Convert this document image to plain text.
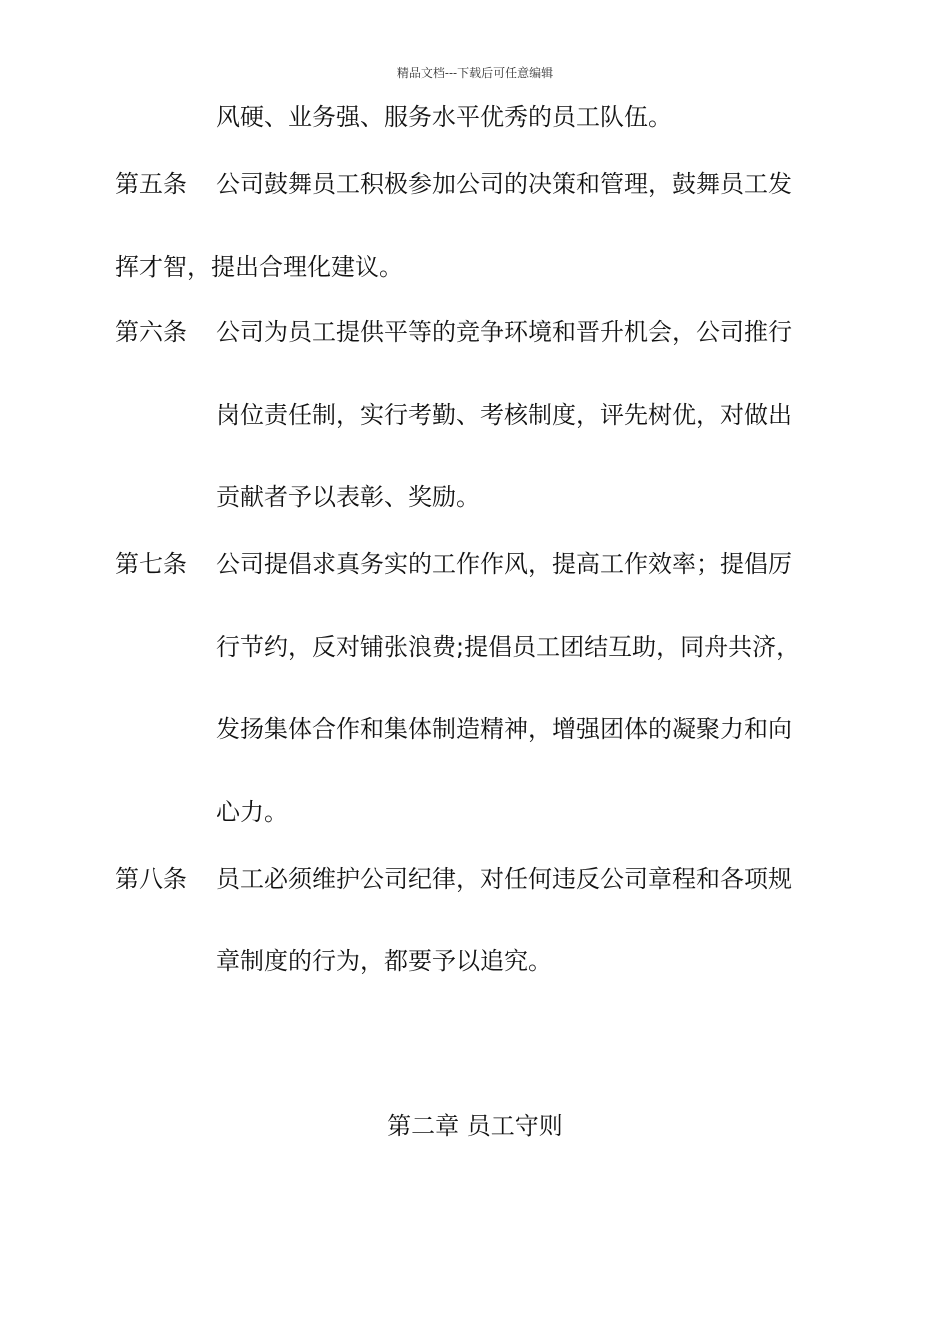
精品文档---下载后可任意编辑
风硬、业务强、服务水平优秀的员工队伍。
第五条 公司鼓舞员工积极参加公司的决策和管理，鼓舞员工发
挥才智，提出合理化建议。
第六条 公司为员工提供平等的竞争环境和晋升机会，公司推行
岗位责任制，实行考勤、考核制度，评先树优，对做出
贡献者予以表彰、奖励。
第七条 公司提倡求真务实的工作作风，提高工作效率；提倡厉
行节约，反对铺张浪费;提倡员工团结互助，同舟共济，
发扬集体合作和集体制造精神，增强团体的凝聚力和向
心力。
第八条 员工必须维护公司纪律，对任何违反公司章程和各项规
章制度的行为，都要予以追究。
第二章 员工守则
